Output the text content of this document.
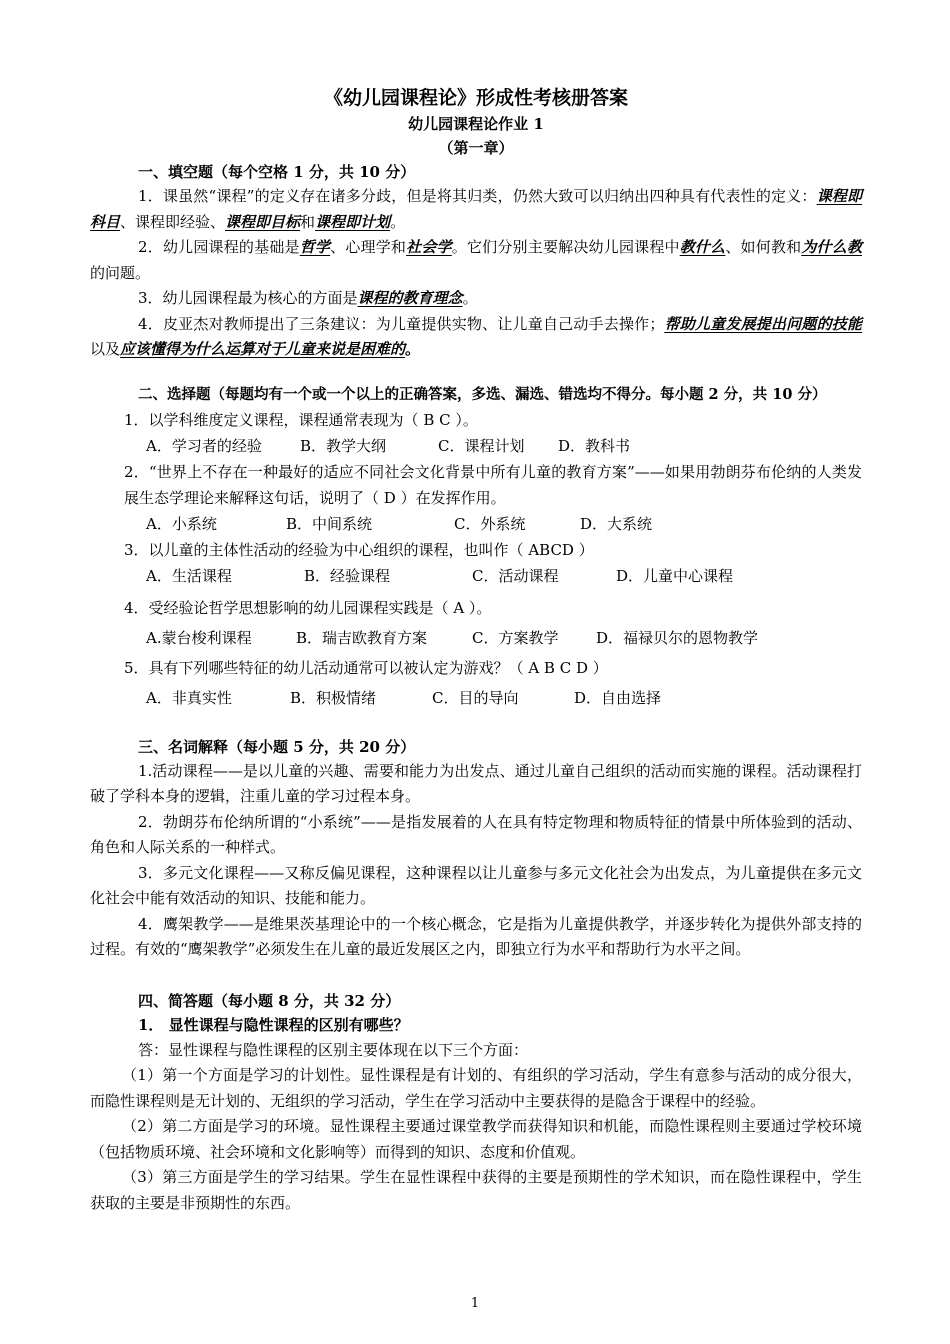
《幼儿园课程论》形成性考核册答案

幼儿园课程论作业 1

（第一章）

一、填空题（每个空格 1 分，共 10 分）

1．课虽然“课程”的定义存在诸多分歧，但是将其归类，仍然大致可以归纳出四种具有代表性的定义：课程即科目、课程即经验、课程即目标和课程即计划。

2．幼儿园课程的基础是哲学、心理学和社会学。它们分别主要解决幼儿园课程中教什么、如何教和为什么教的问题。

3．幼儿园课程最为核心的方面是课程的教育理念。

4．皮亚杰对教师提出了三条建议：为儿童提供实物、让儿童自己动手去操作；帮助儿童发展提出问题的技能以及应该懂得为什么运算对于儿童来说是困难的。

二、选择题（每题均有一个或一个以上的正确答案，多选、漏选、错选均不得分。每小题 2 分，共 10 分）

1．以学科维度定义课程，课程通常表现为（ B C ）。

A．学习者的经验	B．教学大纲	C．课程计划	D．教科书

2．“世界上不存在一种最好的适应不同社会文化背景中所有儿童的教育方案”——如果用勃朗芬布伦纳的人类发展生态学理论来解释这句话，说明了（ D ）在发挥作用。

A．小系统	B．中间系统	C．外系统	D．大系统

3．以儿童的主体性活动的经验为中心组织的课程，也叫作（ ABCD ）

A．生活课程	B．经验课程	C．活动课程	D．儿童中心课程

4．受经验论哲学思想影响的幼儿园课程实践是（ A ）。

A.蒙台梭利课程	B．瑞吉欧教育方案	C．方案教学	D．福禄贝尔的恩物教学

5．具有下列哪些特征的幼儿活动通常可以被认定为游戏？（ A B C D ）

A．非真实性	B．积极情绪	C．目的导向	D．自由选择

三、名词解释（每小题 5 分，共 20 分）

1.活动课程——是以儿童的兴趣、需要和能力为出发点、通过儿童自己组织的活动而实施的课程。活动课程打破了学科本身的逻辑，注重儿童的学习过程本身。

2．勃朗芬布伦纳所谓的“小系统”——是指发展着的人在具有特定物理和物质特征的情景中所体验到的活动、角色和人际关系的一种样式。

3．多元文化课程——又称反偏见课程，这种课程以让儿童参与多元文化社会为出发点，为儿童提供在多元文化社会中能有效活动的知识、技能和能力。

4．鹰架教学——是维果茨基理论中的一个核心概念，它是指为儿童提供教学，并逐步转化为提供外部支持的过程。有效的“鹰架教学”必须发生在儿童的最近发展区之内，即独立行为水平和帮助行为水平之间。

四、简答题（每小题 8 分，共 32 分）

1． 显性课程与隐性课程的区别有哪些？

答：显性课程与隐性课程的区别主要体现在以下三个方面：

（1）第一个方面是学习的计划性。显性课程是有计划的、有组织的学习活动，学生有意参与活动的成分很大，而隐性课程则是无计划的、无组织的学习活动，学生在学习活动中主要获得的是隐含于课程中的经验。

（2）第二方面是学习的环境。显性课程主要通过课堂教学而获得知识和机能，而隐性课程则主要通过学校环境（包括物质环境、社会环境和文化影响等）而得到的知识、态度和价值观。

（3）第三方面是学生的学习结果。学生在显性课程中获得的主要是预期性的学术知识，而在隐性课程中，学生获取的主要是非预期性的东西。

1
